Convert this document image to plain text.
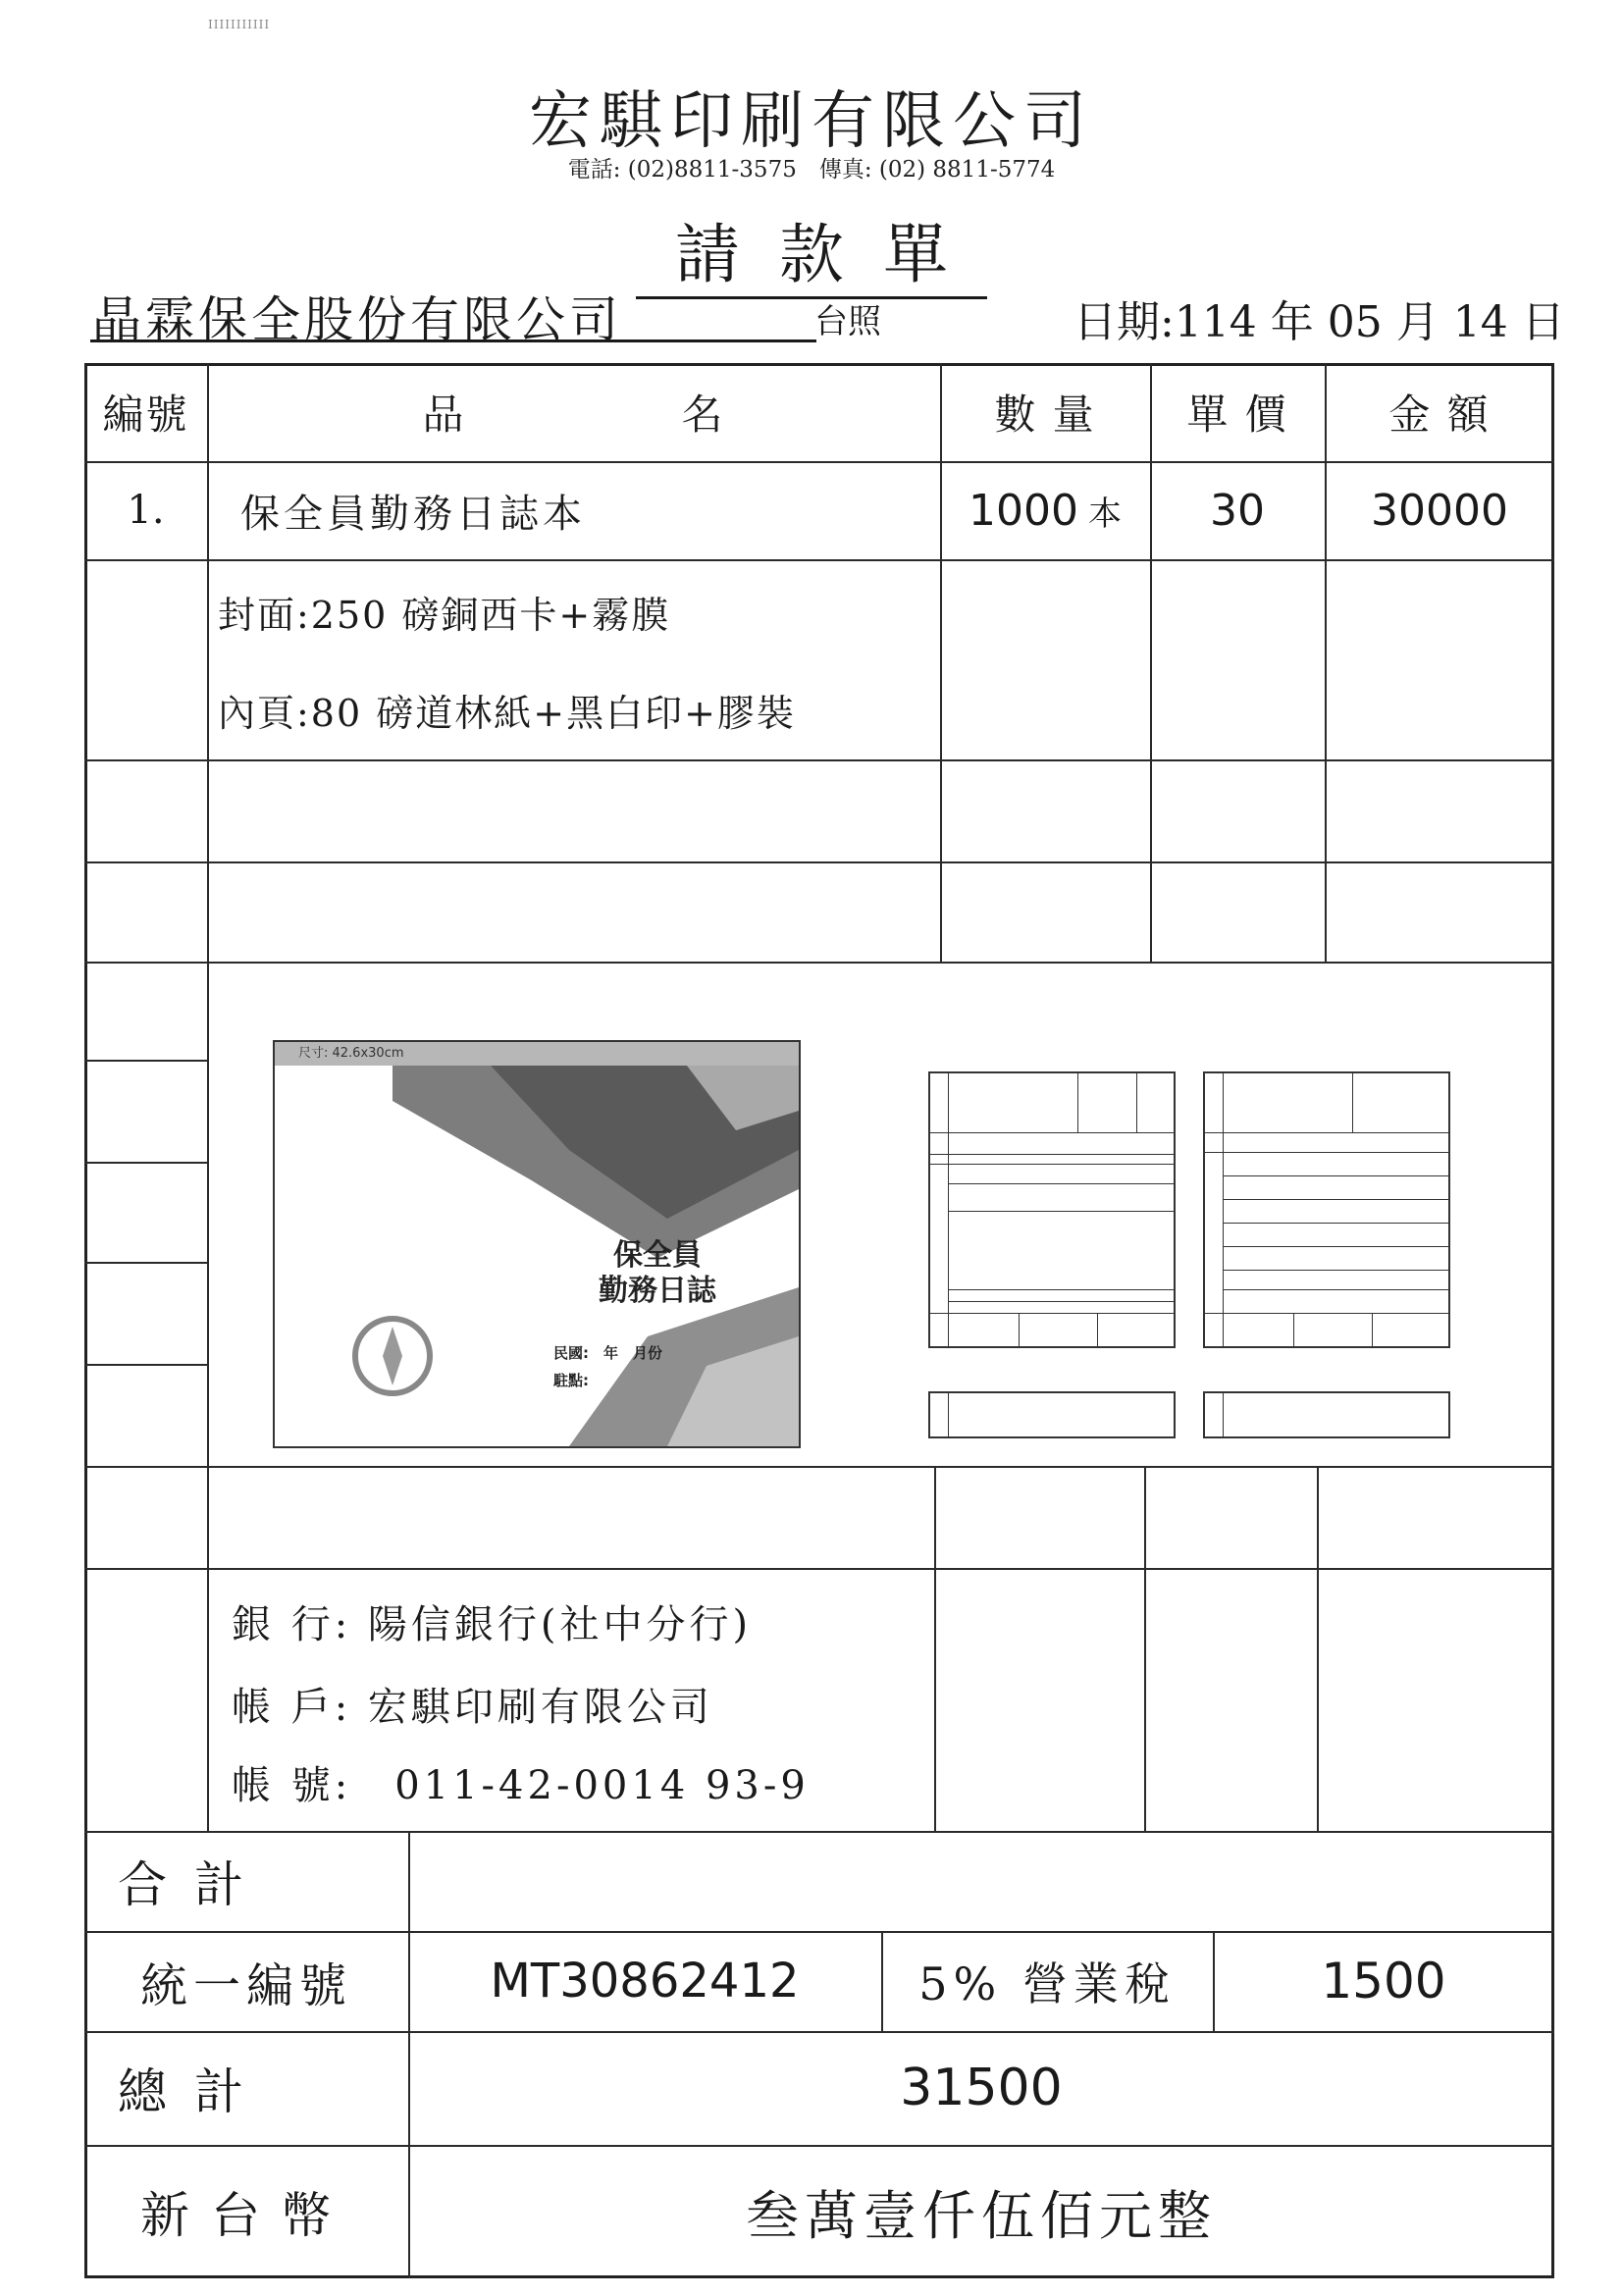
IIIIIIIIIII
宏騏印刷有限公司
電話: (02)8811-3575　傳真: (02) 8811-5774
請款單
晶霖保全股份有限公司	台照	日期:114 年 05 月 14 日
編號	品　　　　　名	數 量	單 價	金 額
1.	保全員勤務日誌本	1000 本	30	30000
封面:250 磅銅西卡+霧膜
內頁:80 磅道林紙+黑白印+膠裝
尺寸: 42.6x30cm
保全員
勤務日誌
民國:　年　月份
駐點:
銀 行: 陽信銀行(社中分行)
帳 戶: 宏騏印刷有限公司
帳 號:　011-42-0014 93-9
合計
統一編號	MT30862412	5% 營業稅	1500
總計	31500
新台幣	叁萬壹仟伍佰元整
